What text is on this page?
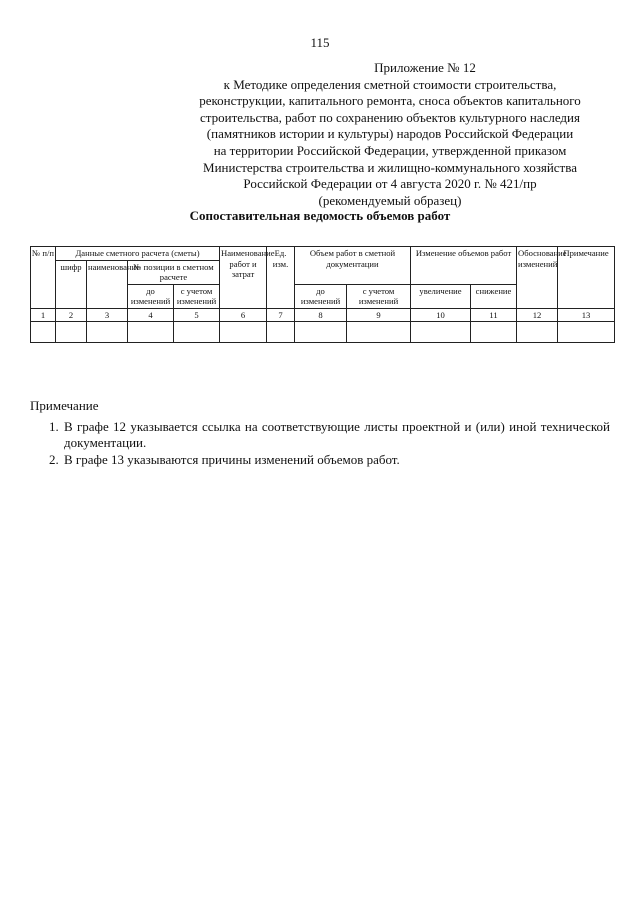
115
Приложение № 12
к Методике определения сметной стоимости строительства,
реконструкции, капитального ремонта, сноса объектов капитального
строительства, работ по сохранению объектов культурного наследия
(памятников истории и культуры) народов Российской Федерации
на территории Российской Федерации, утвержденной приказом
Министерства строительства и жилищно-коммунального хозяйства
Российской Федерации от 4 августа 2020 г. № 421/пр
(рекомендуемый образец)
Сопоставительная ведомость объемов работ
№ п/п	Данные сметного расчета (сметы)				Наименование работ и затрат	Ед. изм.	Объем работ в сметной документации		Изменение объемов работ		Обоснование изменений	Примечание
	шифр	наименование	№ позиции в сметном расчете									
			до изменений	с учетом изменений			до изменений	с учетом изменений	увеличение	снижение		
1	2	3	4	5	6	7	8	9	10	11	12	13

Примечание
1. В графе 12 указывается ссылка на соответствующие листы проектной и (или) иной технической документации.
2. В графе 13 указываются причины изменений объемов работ.
